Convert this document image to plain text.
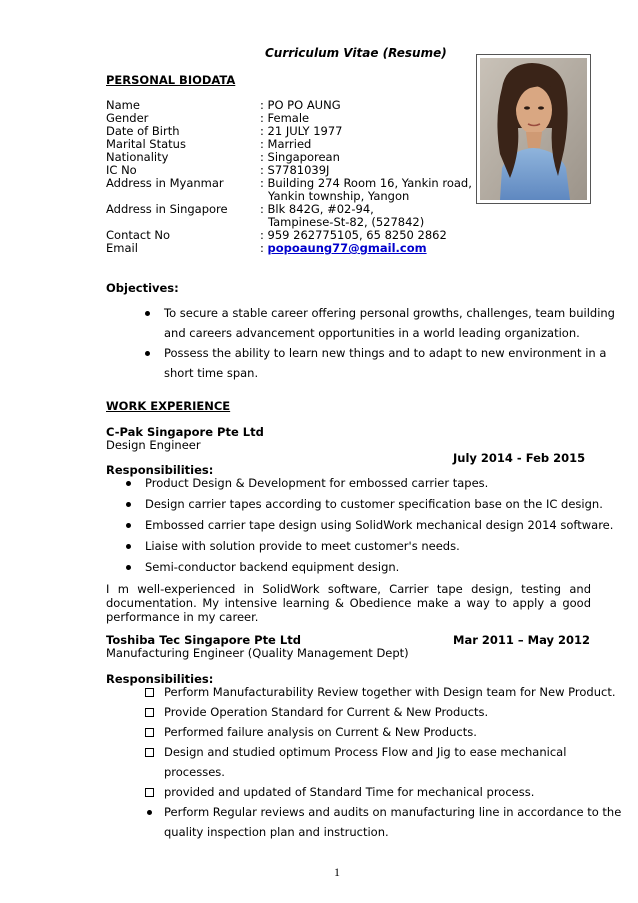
Curriculum Vitae (Resume)
PERSONAL BIODATA
Name	: PO PO AUNG
Gender	: Female
Date of Birth	: 21 JULY 1977
Marital Status	: Married
Nationality	: Singaporean
IC No	: S7781039J
Address in Myanmar	: Building 274 Room 16, Yankin road,
Yankin township, Yangon
Address in Singapore	: Blk 842G, #02-94,
Tampinese-St-82, (527842)
Contact No	: 959 262775105, 65 8250 2862
Email	: popoaung77@gmail.com
Objectives:
To secure a stable career offering personal growths, challenges, team building
and careers advancement opportunities in a world leading organization.
Possess the ability to learn new things and to adapt to new environment in a
short time span.
WORK EXPERIENCE
C-Pak Singapore Pte Ltd
Design Engineer
July 2014 - Feb 2015
Responsibilities:
Product Design & Development for embossed carrier tapes.
Design carrier tapes according to customer specification base on the IC design.
Embossed carrier tape design using SolidWork mechanical design 2014 software.
Liaise with solution provide to meet customer's needs.
Semi-conductor backend equipment design.
I m well-experienced in SolidWork software, Carrier tape design, testing and documentation. My intensive learning & Obedience make a way to apply a good performance in my career.
Toshiba Tec Singapore Pte Ltd	Mar 2011 – May 2012
Manufacturing Engineer (Quality Management Dept)
Responsibilities:
Perform Manufacturability Review together with Design team for New Product.
Provide Operation Standard for Current & New Products.
Performed failure analysis on Current & New Products.
Design and studied optimum Process Flow and Jig to ease mechanical
processes.
provided and updated of Standard Time for mechanical process.
Perform Regular reviews and audits on manufacturing line in accordance to the
quality inspection plan and instruction.
1
